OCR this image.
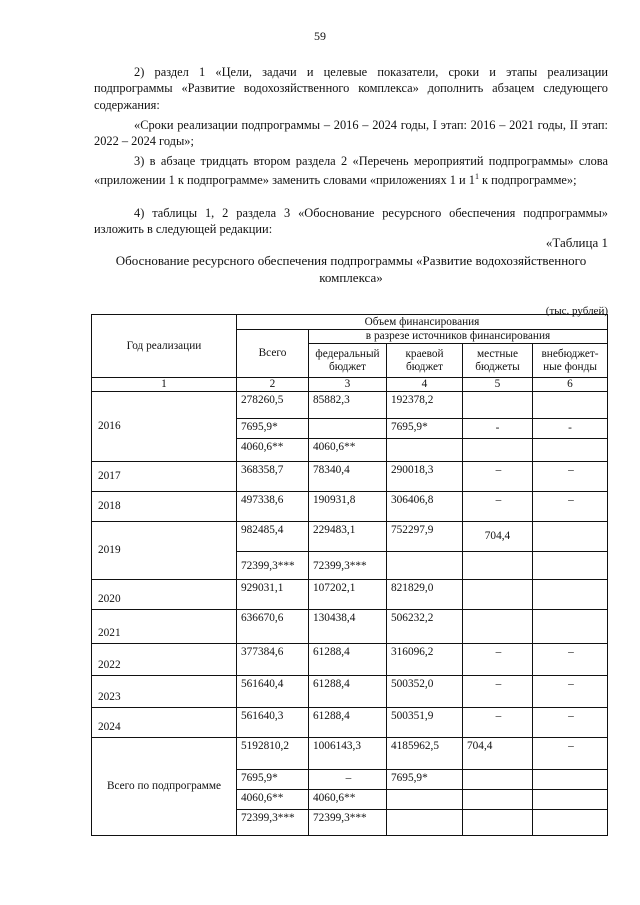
59
2) раздел 1 «Цели, задачи и целевые показатели, сроки и этапы реализации подпрограммы «Развитие водохозяйственного комплекса» дополнить абзацем следующего содержания:
«Сроки реализации подпрограммы – 2016 – 2024 годы, I этап: 2016 – 2021 годы, II этап: 2022 – 2024 годы»;
3) в абзаце тридцать втором раздела 2 «Перечень мероприятий подпрограммы» слова «приложении 1 к подпрограмме» заменить словами «приложениях 1 и $1^1$ к подпрограмме»;
4) таблицы 1, 2 раздела 3 «Обоснование ресурсного обеспечения подпрограммы» изложить в следующей редакции:
«Таблица 1
Обоснование ресурсного обеспечения подпрограммы «Развитие водохозяйственного комплекса»
(тыс. рублей)
Год реализации	Объем финансирования				
	Всего	в разрезе источников финансирования			
		федеральный бюджет	краевой бюджет	местные бюджеты	внебюджет-ные фонды
1	2	3	4	5	6
2016	278260,5	85882,3	192378,2		
	7695,9*		7695,9*	-	-
	4060,6**	4060,6**			
2017	368358,7	78340,4	290018,3	–	–
2018	497338,6	190931,8	306406,8	–	–
2019	982485,4	229483,1	752297,9	704,4	
	72399,3***	72399,3***			
2020	929031,1	107202,1	821829,0		
2021	636670,6	130438,4	506232,2		
2022	377384,6	61288,4	316096,2	–	–
2023	561640,4	61288,4	500352,0	–	–
2024	561640,3	61288,4	500351,9	–	–
Всего по подпрограмме	5192810,2	1006143,3	4185962,5	704,4	–
	7695,9*	–	7695,9*		
	4060,6**	4060,6**			
	72399,3***	72399,3***			
